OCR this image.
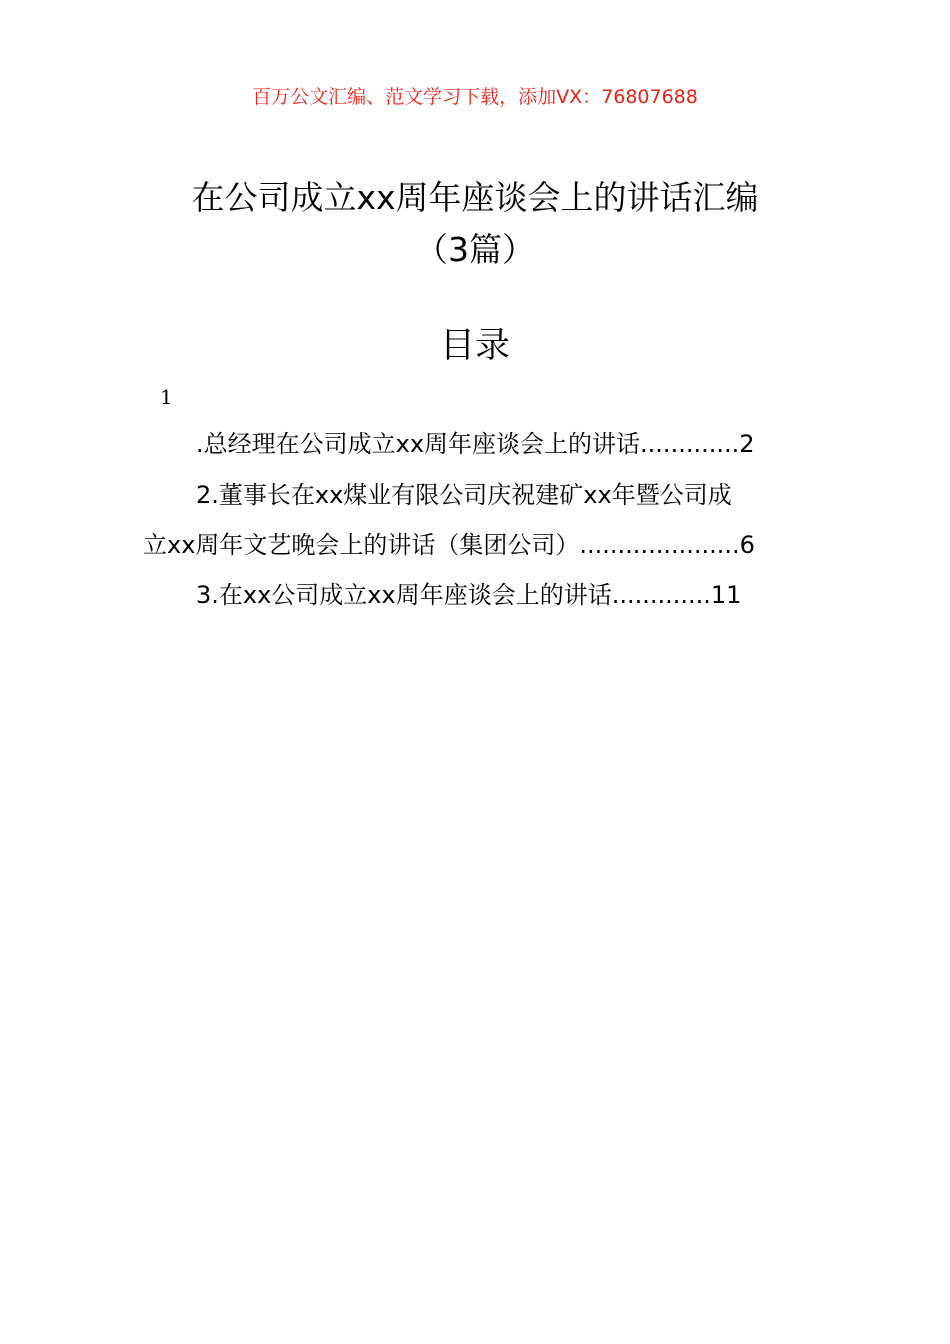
百万公文汇编、范文学习下载，添加VX：76807688
在公司成立xx周年座谈会上的讲话汇编
（3篇）
目录
1
.总经理在公司成立xx周年座谈会上的讲话.............2
2.董事长在xx煤业有限公司庆祝建矿xx年暨公司成
立xx周年文艺晚会上的讲话（集团公司）.....................6
3.在xx公司成立xx周年座谈会上的讲话.............11
